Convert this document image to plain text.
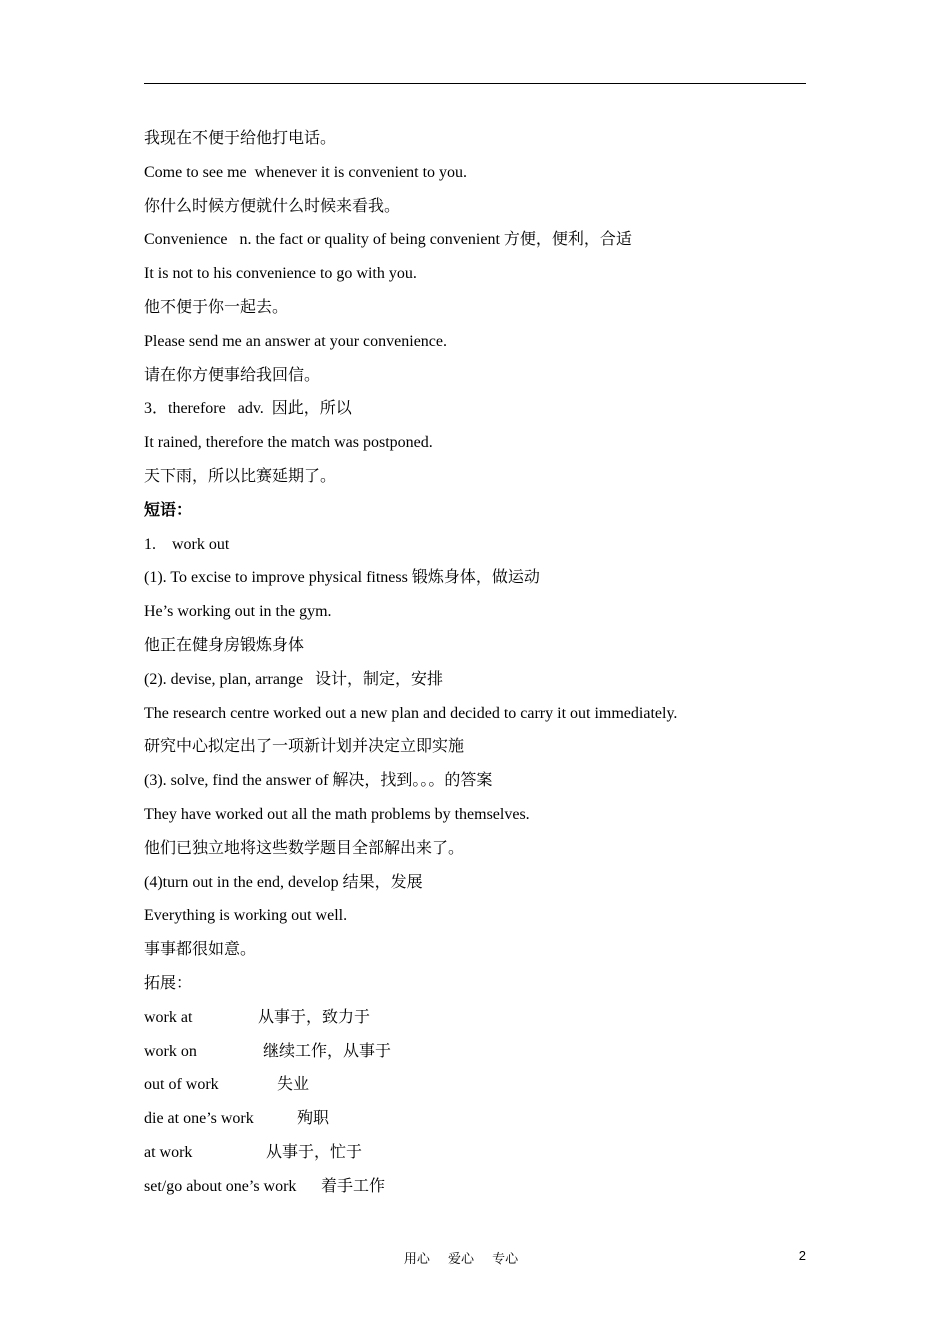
我现在不便于给他打电话。
Come to see me  whenever it is convenient to you.
你什么时候方便就什么时候来看我。
Convenience   n. the fact or quality of being convenient 方便，便利，合适
It is not to his convenience to go with you.
他不便于你一起去。
Please send me an answer at your convenience.
请在你方便事给我回信。
3．therefore   adv.  因此，所以
It rained, therefore the match was postponed.
天下雨，所以比赛延期了。
短语：
1.    work out
(1). To excise to improve physical fitness 锻炼身体，做运动
He’s working out in the gym.
他正在健身房锻炼身体
(2). devise, plan, arrange   设计，制定，安排
The research centre worked out a new plan and decided to carry it out immediately.
研究中心拟定出了一项新计划并决定立即实施
(3). solve, find the answer of 解决，找到。。。的答案
They have worked out all the math problems by themselves.
他们已独立地将这些数学题目全部解出来了。
(4)turn out in the end, develop 结果，发展
Everything is working out well.
事事都很如意。
拓展：
work at	从事于，致力于
work on	继续工作，从事于
out of work	失业
die at one’s work	殉职
at work	从事于，忙于
set/go about one’s work 着手工作
用心 爱心 专心	2
